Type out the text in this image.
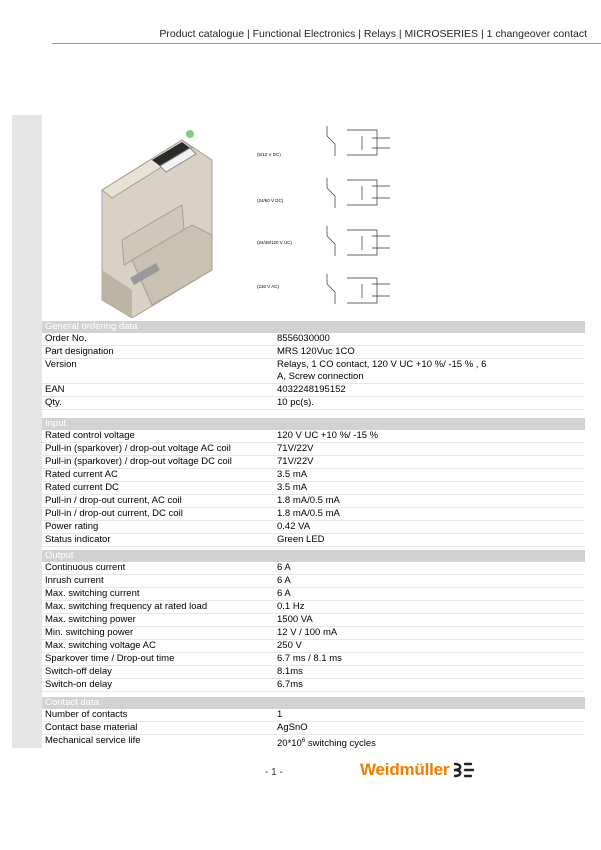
Product catalogue | Functional Electronics | Relays | MICROSERIES | 1 changeover contact
(5/12 V DC)
(24/60 V DC)
(24/48/120 V UC)
(230 V AC)
General ordering data
Order No.	8556030000
Part designation	MRS 120Vuc 1CO
Version	Relays, 1 CO contact, 120 V UC +10 %/ -15 % , 6
A, Screw connection
EAN	4032248195152
Qty.	10 pc(s).
Input
Rated control voltage	120 V UC +10 %/ -15 %
Pull-in (sparkover) / drop-out voltage AC coil	71V/22V
Pull-in (sparkover) / drop-out voltage DC coil	71V/22V
Rated current AC	3.5 mA
Rated current DC	3.5 mA
Pull-in / drop-out current, AC coil	1.8 mA/0.5 mA
Pull-in / drop-out current, DC coil	1.8 mA/0.5 mA
Power rating	0.42 VA
Status indicator	Green LED
Output
Continuous current	6 A
Inrush current	6 A
Max. switching current	6 A
Max. switching frequency at rated load	0.1 Hz
Max. switching power	1500 VA
Min. switching power	12 V / 100 mA
Max. switching voltage AC	250 V
Sparkover time / Drop-out time	6.7 ms / 8.1 ms
Switch-off delay	8.1ms
Switch-on delay	6.7ms
Contact data
Number of contacts	1
Contact base material	AgSnO
Mechanical service life	$20*10^6$ switching cycles
- 1 -	Weidmüller
